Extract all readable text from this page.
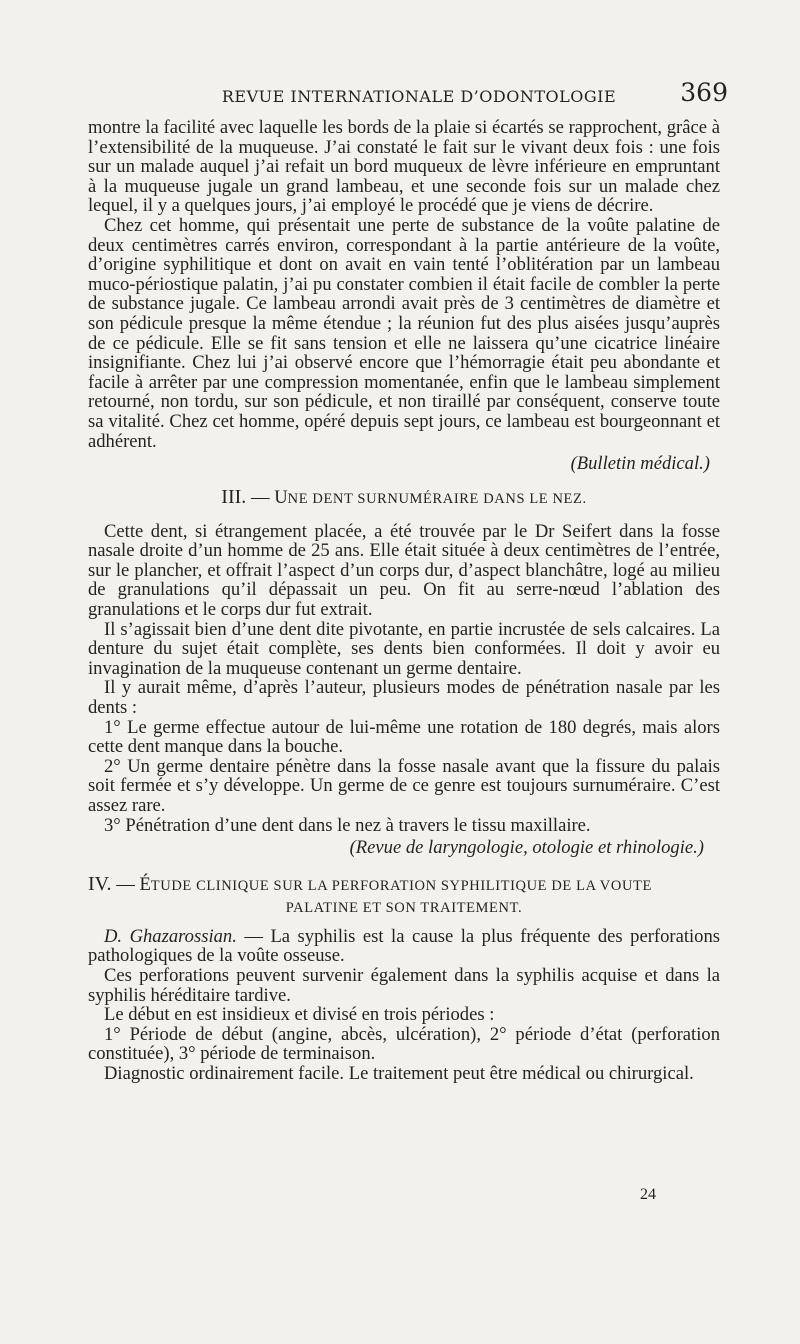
REVUE INTERNATIONALE D’ODONTOLOGIE	369

montre la facilité avec laquelle les bords de la plaie si écartés se rapprochent, grâce à l’extensibilité de la muqueuse. J’ai constaté le fait sur le vivant deux fois : une fois sur un malade auquel j’ai refait un bord muqueux de lèvre inférieure en empruntant à la muqueuse jugale un grand lambeau, et une seconde fois sur un malade chez lequel, il y a quelques jours, j’ai employé le procédé que je viens de décrire.

Chez cet homme, qui présentait une perte de substance de la voûte palatine de deux centimètres carrés environ, correspondant à la partie antérieure de la voûte, d’origine syphilitique et dont on avait en vain tenté l’oblitération par un lambeau muco-périostique palatin, j’ai pu constater combien il était facile de combler la perte de substance jugale. Ce lambeau arrondi avait près de 3 centimètres de diamètre et son pédicule presque la même étendue ; la réunion fut des plus aisées jusqu’auprès de ce pédicule. Elle se fit sans tension et elle ne laissera qu’une cicatrice linéaire insignifiante. Chez lui j’ai observé encore que l’hémorragie était peu abondante et facile à arrêter par une compression momentanée, enfin que le lambeau simplement retourné, non tordu, sur son pédicule, et non tiraillé par conséquent, conserve toute sa vitalité. Chez cet homme, opéré depuis sept jours, ce lambeau est bourgeonnant et adhérent.

(Bulletin médical.)

III. — UNE DENT SURNUMÉRAIRE DANS LE NEZ.

Cette dent, si étrangement placée, a été trouvée par le Dr Seifert dans la fosse nasale droite d’un homme de 25 ans. Elle était située à deux centimètres de l’entrée, sur le plancher, et offrait l’aspect d’un corps dur, d’aspect blanchâtre, logé au milieu de granulations qu’il dépassait un peu. On fit au serre-nœud l’ablation des granulations et le corps dur fut extrait.

Il s’agissait bien d’une dent dite pivotante, en partie incrustée de sels calcaires. La denture du sujet était complète, ses dents bien conformées. Il doit y avoir eu invagination de la muqueuse contenant un germe dentaire.

Il y aurait même, d’après l’auteur, plusieurs modes de pénétration nasale par les dents :

1° Le germe effectue autour de lui-même une rotation de 180 degrés, mais alors cette dent manque dans la bouche.

2° Un germe dentaire pénètre dans la fosse nasale avant que la fissure du palais soit fermée et s’y développe. Un germe de ce genre est toujours surnuméraire. C’est assez rare.

3° Pénétration d’une dent dans le nez à travers le tissu maxillaire.

(Revue de laryngologie, otologie et rhinologie.)

IV. — ÉTUDE CLINIQUE SUR LA PERFORATION SYPHILITIQUE DE LA VOUTE
PALATINE ET SON TRAITEMENT.

D. Ghazarossian. — La syphilis est la cause la plus fréquente des perforations pathologiques de la voûte osseuse.

Ces perforations peuvent survenir également dans la syphilis acquise et dans la syphilis héréditaire tardive.

Le début en est insidieux et divisé en trois périodes :

1° Période de début (angine, abcès, ulcération), 2° période d’état (perforation constituée), 3° période de terminaison.

Diagnostic ordinairement facile. Le traitement peut être médical ou chirurgical.

24
